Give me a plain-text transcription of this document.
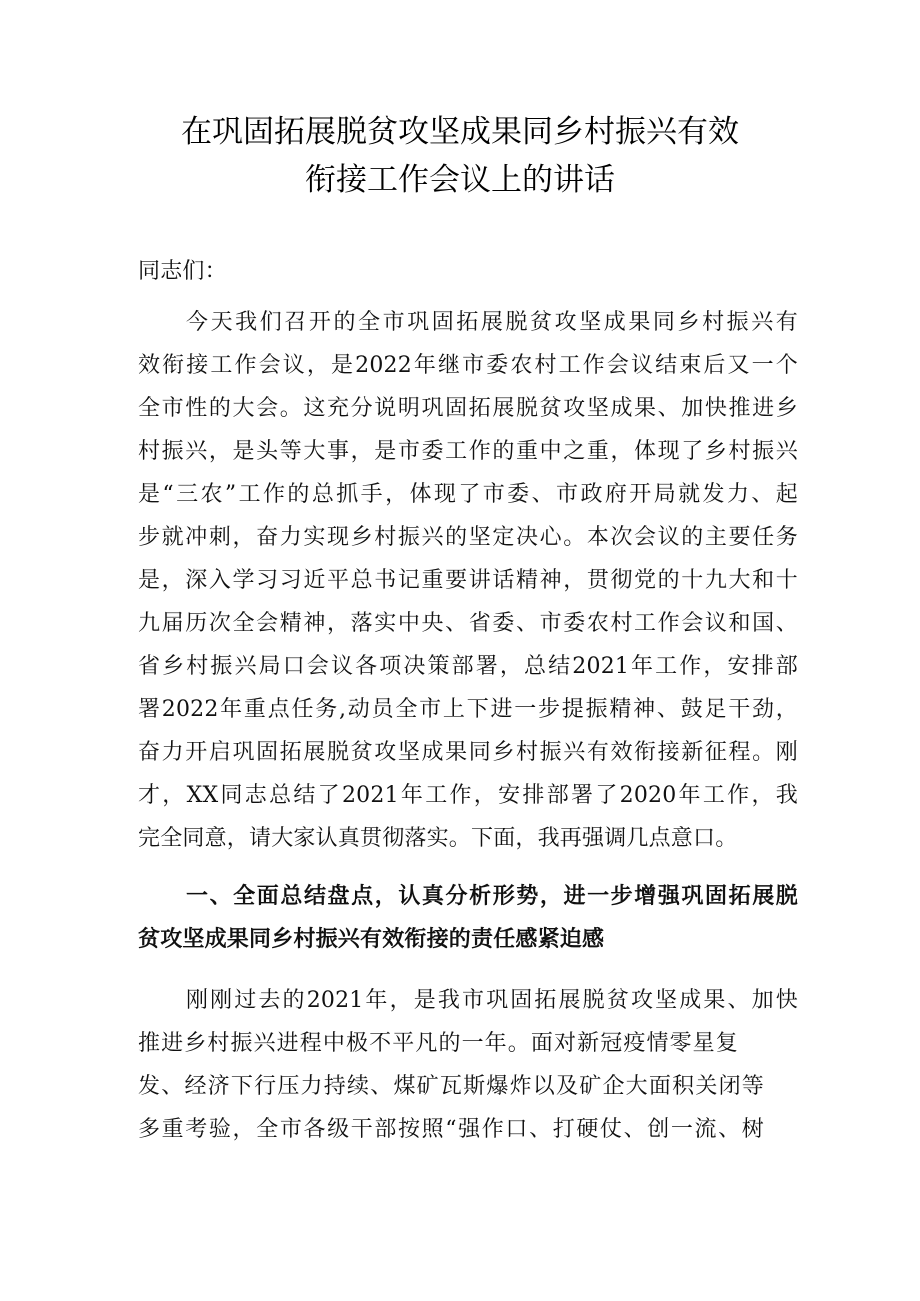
在巩固拓展脱贫攻坚成果同乡村振兴有效
衔接工作会议上的讲话
同志们：
今天我们召开的全市巩固拓展脱贫攻坚成果同乡村振兴有
效衔接工作会议，是2022年继市委农村工作会议结束后又一个
全市性的大会。这充分说明巩固拓展脱贫攻坚成果、加快推进乡
村振兴，是头等大事，是市委工作的重中之重，体现了乡村振兴
是“三农”工作的总抓手，体现了市委、市政府开局就发力、起
步就冲刺，奋力实现乡村振兴的坚定决心。本次会议的主要任务
是，深入学习习近平总书记重要讲话精神，贯彻党的十九大和十
九届历次全会精神，落实中央、省委、市委农村工作会议和国、
省乡村振兴局口会议各项决策部署，总结2021年工作，安排部
署2022年重点任务,动员全市上下进一步提振精神、鼓足干劲，
奋力开启巩固拓展脱贫攻坚成果同乡村振兴有效衔接新征程。刚
才，XX同志总结了2021年工作，安排部署了2020年工作，我
完全同意，请大家认真贯彻落实。下面，我再强调几点意口。
一、全面总结盘点，认真分析形势，进一步增强巩固拓展脱
贫攻坚成果同乡村振兴有效衔接的责任感紧迫感
刚刚过去的2021年，是我市巩固拓展脱贫攻坚成果、加快
推进乡村振兴进程中极不平凡的一年。面对新冠疫情零星复
发、经济下行压力持续、煤矿瓦斯爆炸以及矿企大面积关闭等
多重考验，全市各级干部按照“强作口、打硬仗、创一流、树
